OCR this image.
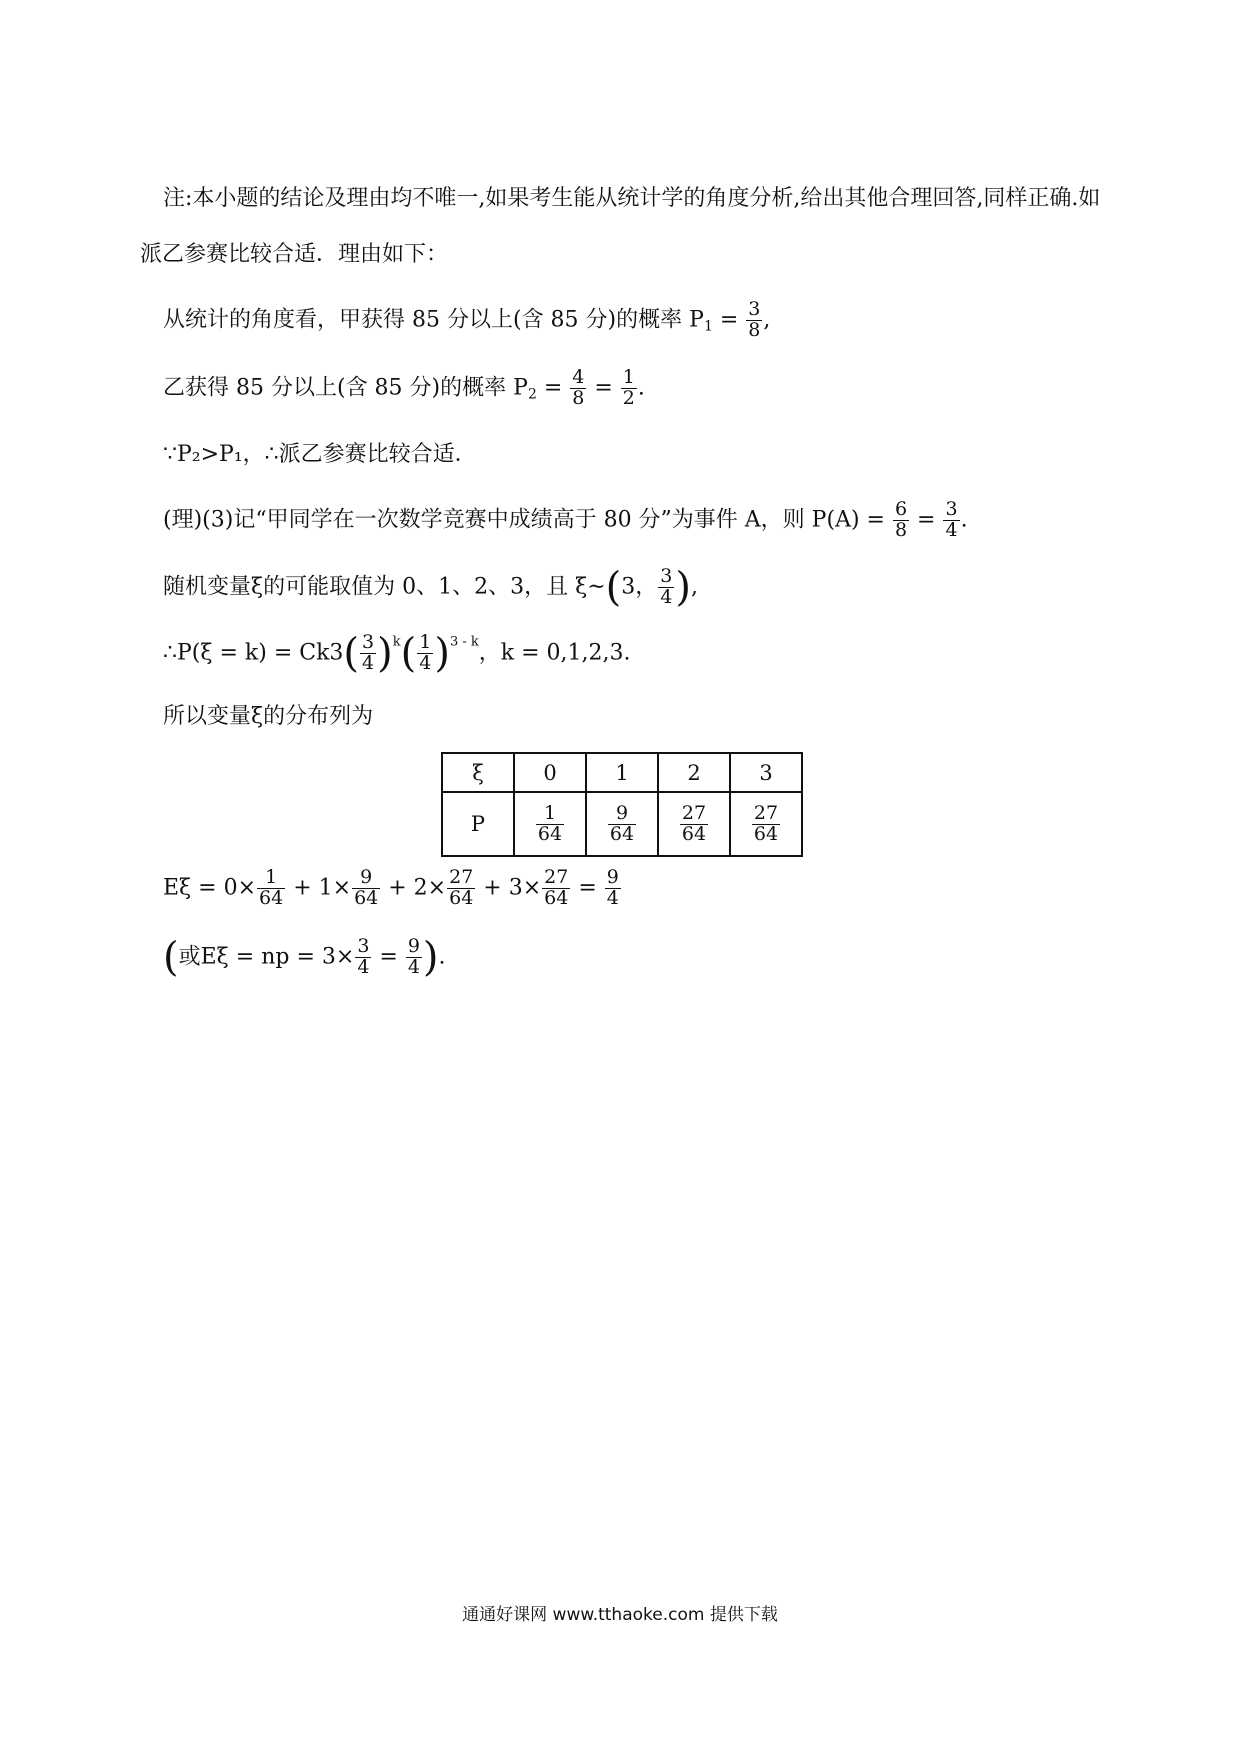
注:本小题的结论及理由均不唯一,如果考生能从统计学的角度分析,给出其他合理回答,同样正确.如
派乙参赛比较合适．理由如下：
从统计的角度看，甲获得 85 分以上(含 85 分)的概率 $P_1 = \frac{3}{8}$ ,
乙获得 85 分以上(含 85 分)的概率 $P_2 = \frac{4}{8} = \frac{1}{2}$ .
∵P₂>P₁，∴派乙参赛比较合适．
(理)(3)记“甲同学在一次数学竞赛中成绩高于 80 分”为事件 A，则 $P(A) = \frac{6}{8} = \frac{3}{4}$ .
随机变量ξ的可能取值为 0、1、2、3，且 ξ~(3， $\frac{3}{4}$ ),
∴P(ξ = $k) = Ck3( \frac{3}{4} )^k( \frac{1}{4} )^{3 - k}$，k = 0,1,2,3.
所以变量ξ的分布列为
ξ	0	1	2	3
P	$\frac{1}{64}$	$\frac{9}{64}$	$\frac{27}{64}$	$\frac{27}{64}$
$E\xi = 0\times \frac{1}{64} + 1\times \frac{9}{64} + 2\times \frac{27}{64} + 3\times \frac{27}{64} = \frac{9}{4}$
(或Eξ = np = $3\times \frac{3}{4} = \frac{9}{4}$ ).
通通好课网 www.tthaoke.com 提供下载
